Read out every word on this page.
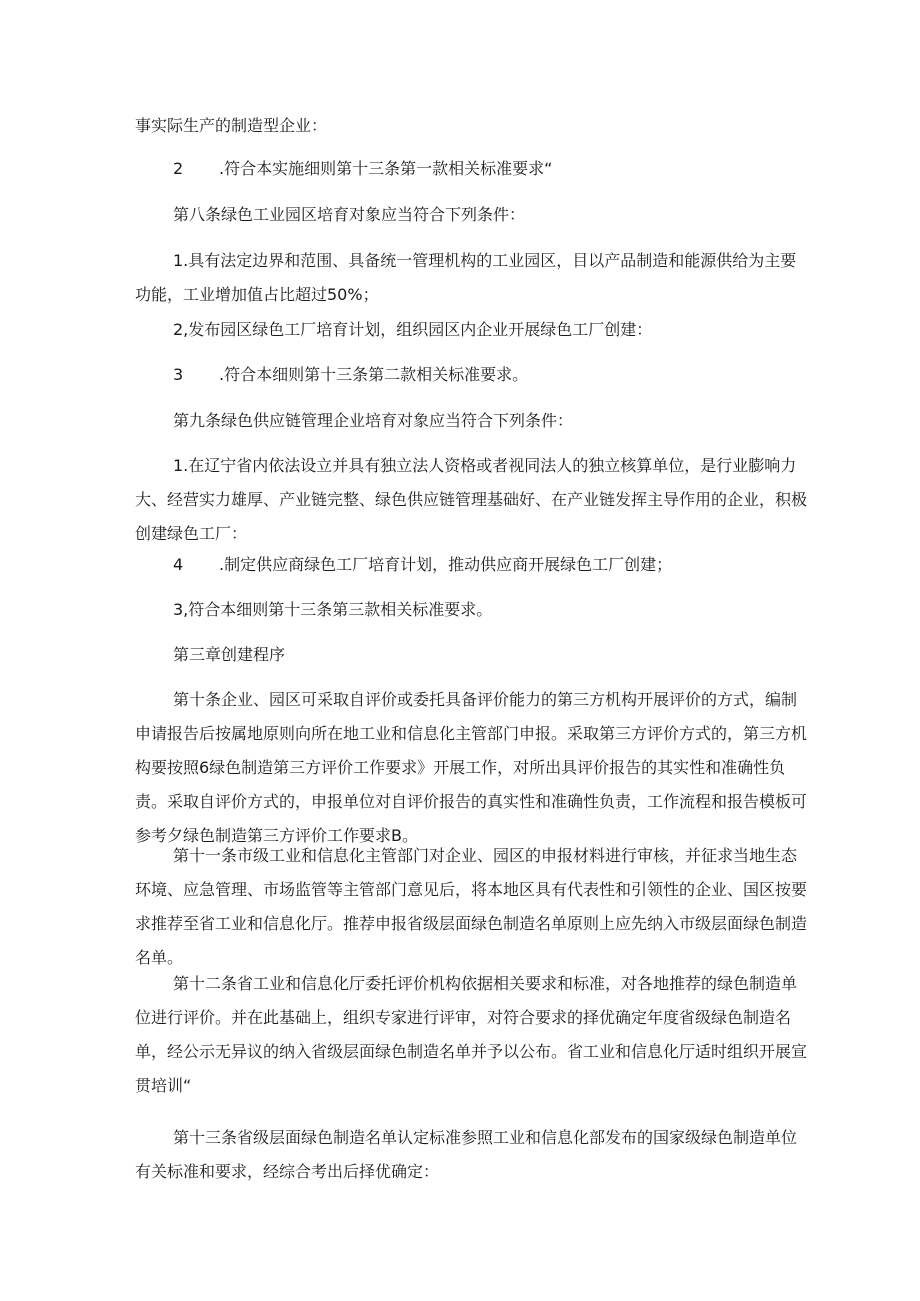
事实际生产的制造型企业：

2 .符合本实施细则第十三条第一款相关标准要求“

第八条绿色工业园区培育对象应当符合下列条件：

1.具有法定边界和范围、具备统一管理机构的工业园区，目以产品制造和能源供给为主要功能，工业增加值占比超过50%；

2,发布园区绿色工厂培育计划，组织园区内企业开展绿色工厂创建：

3 .符合本细则第十三条第二款相关标准要求。

第九条绿色供应链管理企业培育对象应当符合下列条件：

1.在辽宁省内依法设立并具有独立法人资格或者视同法人的独立核算单位，是行业膨响力大、经营实力雄厚、产业链完整、绿色供应链管理基础好、在产业链发挥主导作用的企业，积极创建绿色工厂：

4 .制定供应商绿色工厂培育计划，推动供应商开展绿色工厂创建；

3,符合本细则第十三条第三款相关标准要求。

第三章创建程序

第十条企业、园区可采取自评价或委托具备评价能力的第三方机构开展评价的方式，编制申请报告后按属地原则向所在地工业和信息化主管部门申报。采取第三方评价方式的，第三方机构要按照6绿色制造第三方评价工作要求》开展工作，对所出具评价报告的其实性和准确性负责。采取自评价方式的，申报单位对自评价报告的真实性和准确性负责，工作流程和报告模板可参考夕绿色制造第三方评价工作要求B。

第十一条市级工业和信息化主管部门对企业、园区的申报材料进行审核，并征求当地生态环境、应急管理、市场监管等主管部门意见后，将本地区具有代表性和引领性的企业、国区按要求推荐至省工业和信息化厅。推荐申报省级层面绿色制造名单原则上应先纳入市级层面绿色制造名单。

第十二条省工业和信息化厅委托评价机构依据相关要求和标准，对各地推荐的绿色制造单位进行评价。并在此基础上，组织专家进行评审，对符合要求的择优确定年度省级绿色制造名单，经公示无异议的纳入省级层面绿色制造名单并予以公布。省工业和信息化厅适时组织开展宣贯培训“

第十三条省级层面绿色制造名单认定标准参照工业和信息化部发布的国家级绿色制造单位有关标准和要求，经综合考出后择优确定：
